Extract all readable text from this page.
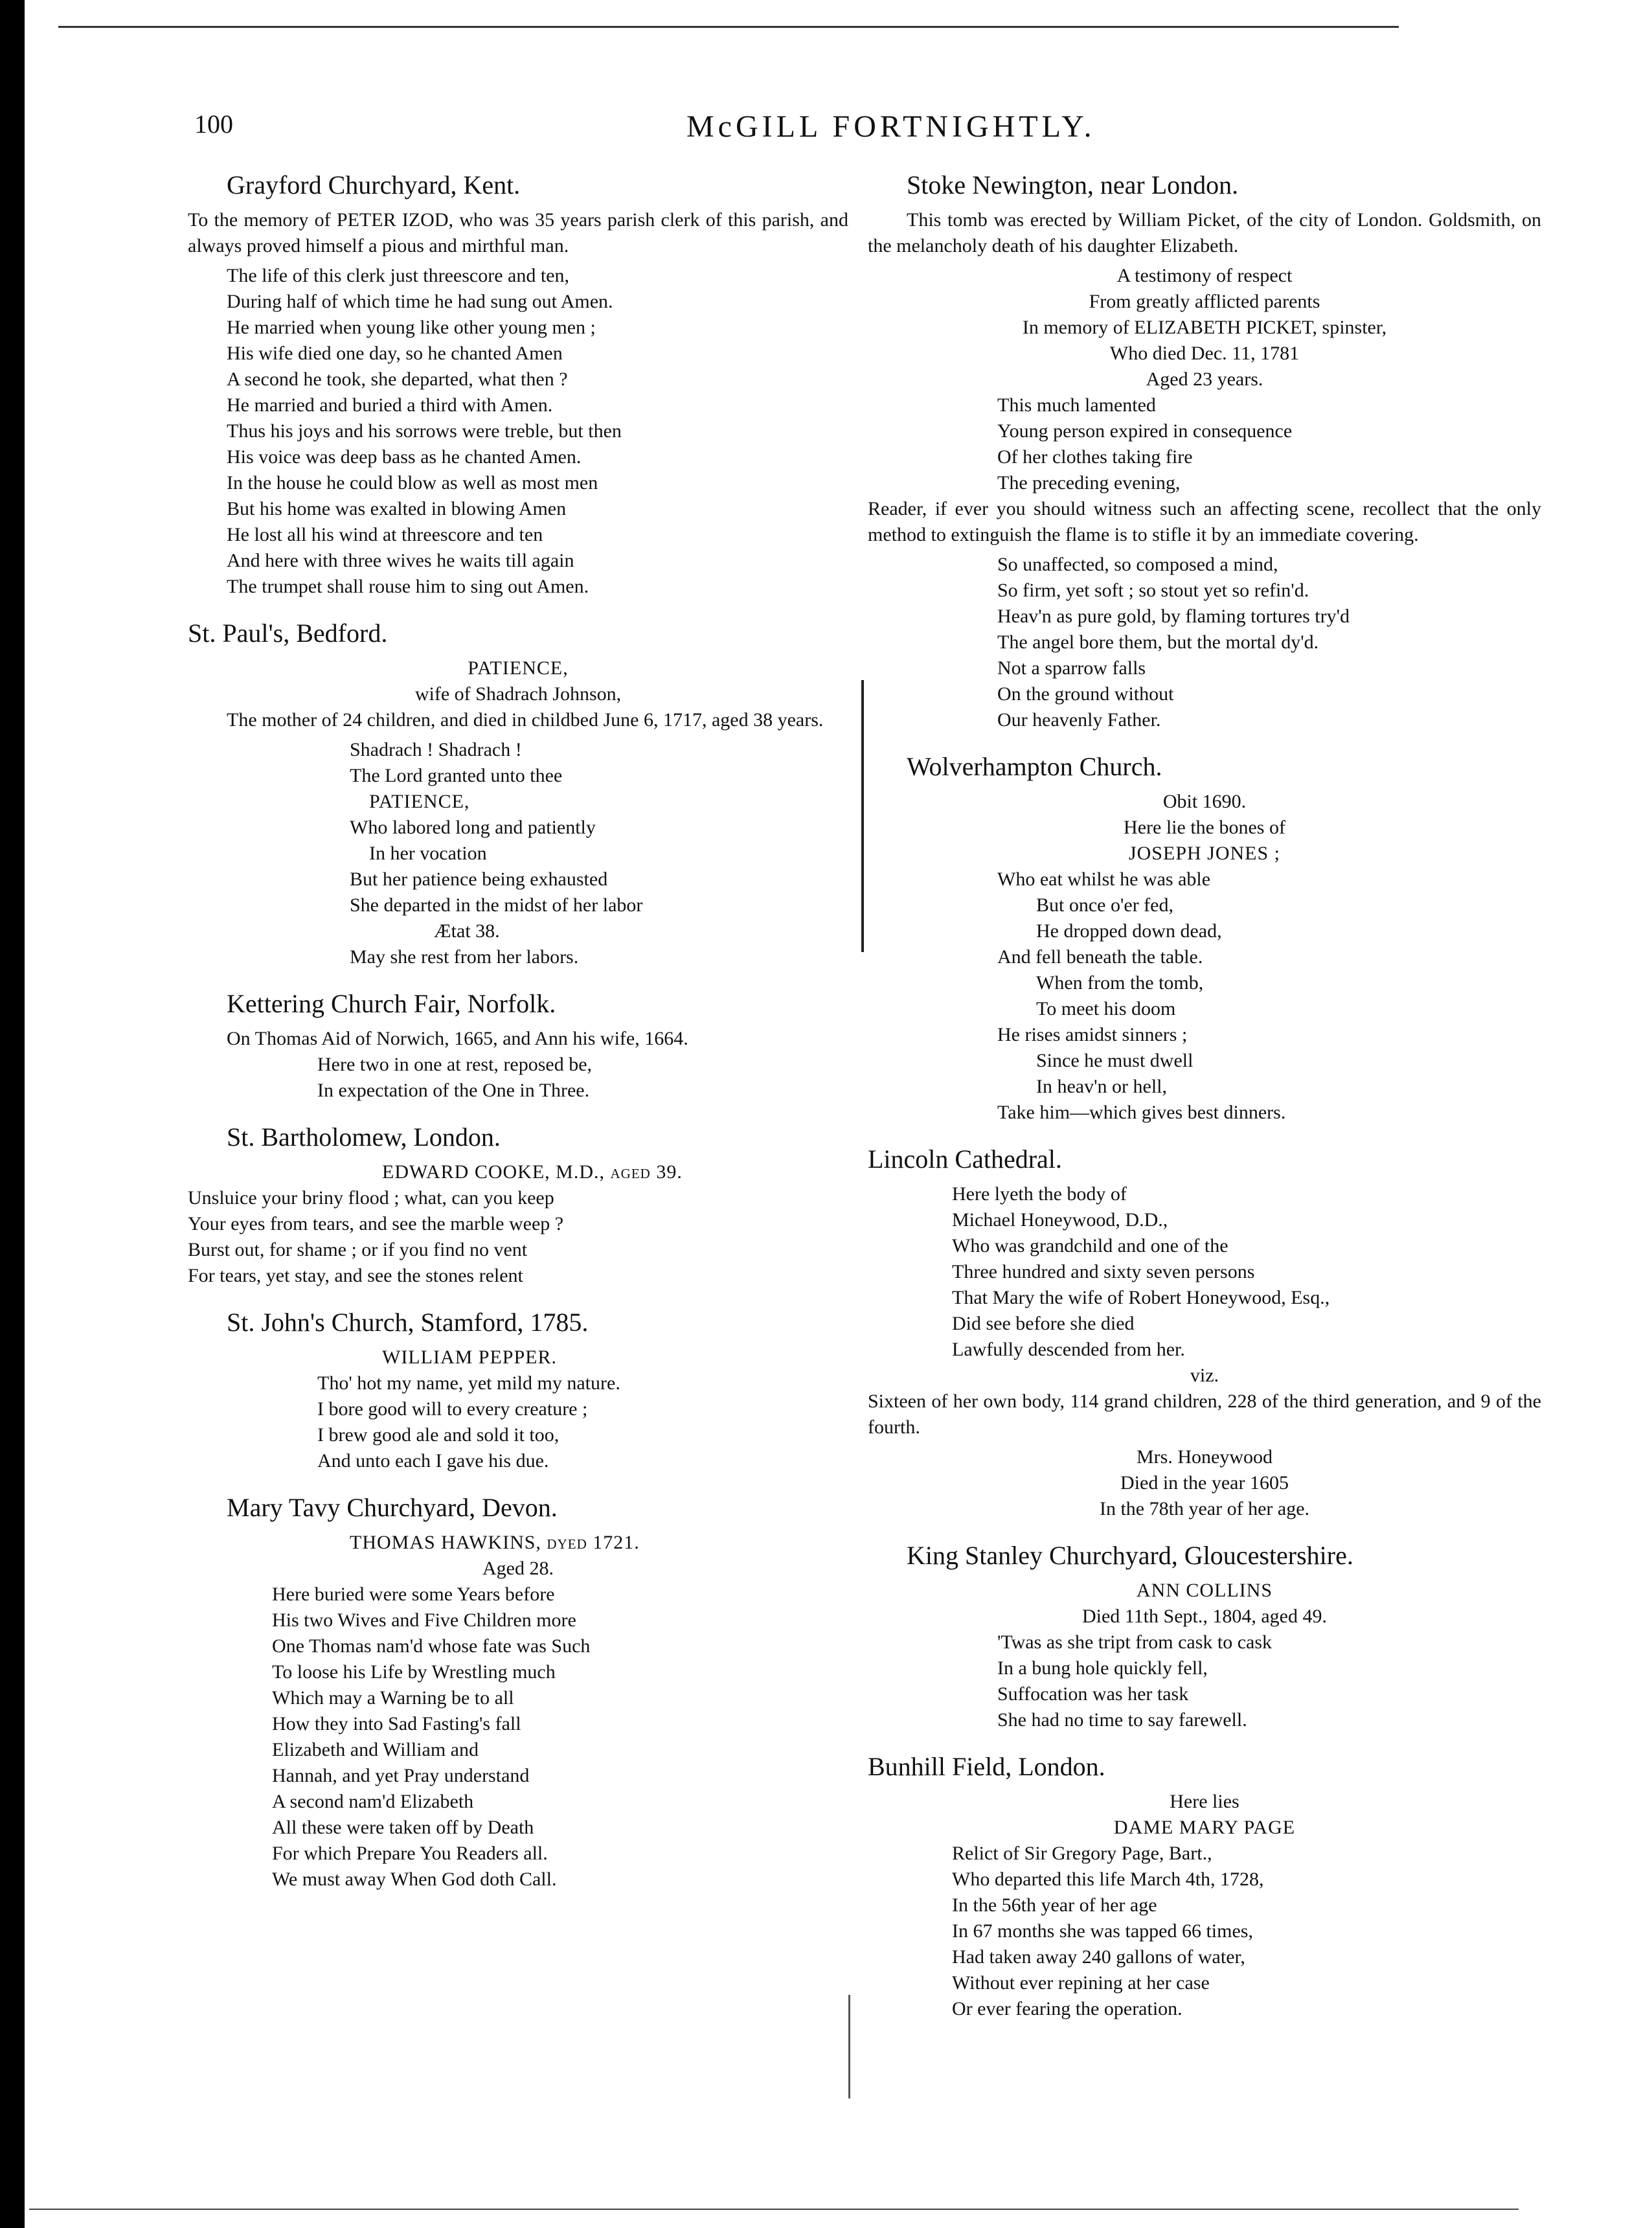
100	McGILL FORTNIGHTLY.
Grayford Churchyard, Kent.

To the memory of PETER IZOD, who was 35 years parish clerk of this parish, and always proved himself a pious and mirthful man.

The life of this clerk just threescore and ten,
During half of which time he had sung out Amen.
He married when young like other young men ;
His wife died one day, so he chanted Amen
A second he took, she departed, what then ?
He married and buried a third with Amen.
Thus his joys and his sorrows were treble, but then
His voice was deep bass as he chanted Amen.
In the house he could blow as well as most men
But his home was exalted in blowing Amen
He lost all his wind at threescore and ten
And here with three wives he waits till again
The trumpet shall rouse him to sing out Amen.
St. Paul's, Bedford.
PATIENCE,
wife of Shadrach Johnson,

The mother of 24 children, and died in childbed June 6, 1717, aged 38 years.

Shadrach ! Shadrach !
The Lord granted unto thee
PATIENCE,
Who labored long and patiently
In her vocation
But her patience being exhausted
She departed in the midst of her labor
Ætat 38.
May she rest from her labors.
Kettering Church Fair, Norfolk.
On Thomas Aid of Norwich, 1665, and Ann his wife, 1664.
Here two in one at rest, reposed be,
In expectation of the One in Three.
St. Bartholomew, London.
EDWARD COOKE, M.D., aged 39.
Unsluice your briny flood ; what, can you keep
Your eyes from tears, and see the marble weep ?
Burst out, for shame ; or if you find no vent
For tears, yet stay, and see the stones relent
St. John's Church, Stamford, 1785.
WILLIAM PEPPER.
Tho' hot my name, yet mild my nature.
I bore good will to every creature ;
I brew good ale and sold it too,
And unto each I gave his due.
Mary Tavy Churchyard, Devon.
THOMAS HAWKINS, dyed 1721.
Aged 28.
Here buried were some Years before
His two Wives and Five Children more
One Thomas nam'd whose fate was Such
To loose his Life by Wrestling much
Which may a Warning be to all
How they into Sad Fasting's fall
Elizabeth and William and
Hannah, and yet Pray understand
A second nam'd Elizabeth
All these were taken off by Death
For which Prepare You Readers all.
We must away When God doth Call.
Stoke Newington, near London.

This tomb was erected by William Picket, of the city of London. Goldsmith, on the melancholy death of his daughter Elizabeth.

A testimony of respect
From greatly afflicted parents
In memory of ELIZABETH PICKET, spinster,
Who died Dec. 11, 1781
Aged 23 years.
This much lamented
Young person expired in consequence
Of her clothes taking fire
The preceding evening,

Reader, if ever you should witness such an affecting scene, recollect that the only method to extinguish the flame is to stifle it by an immediate covering.

So unaffected, so composed a mind,
So firm, yet soft ; so stout yet so refin'd.
Heav'n as pure gold, by flaming tortures try'd
The angel bore them, but the mortal dy'd.
Not a sparrow falls
On the ground without
Our heavenly Father.
Wolverhampton Church.
Obit 1690.
Here lie the bones of
JOSEPH JONES ;
Who eat whilst he was able
But once o'er fed,
He dropped down dead,
And fell beneath the table.
When from the tomb,
To meet his doom
He rises amidst sinners ;
Since he must dwell
In heav'n or hell,
Take him—which gives best dinners.
Lincoln Cathedral.
Here lyeth the body of
Michael Honeywood, D.D.,
Who was grandchild and one of the
Three hundred and sixty seven persons
That Mary the wife of Robert Honeywood, Esq.,
Did see before she died
Lawfully descended from her.
viz.

Sixteen of her own body, 114 grand children, 228 of the third generation, and 9 of the fourth.

Mrs. Honeywood
Died in the year 1605
In the 78th year of her age.
King Stanley Churchyard, Gloucestershire.
ANN COLLINS
Died 11th Sept., 1804, aged 49.
'Twas as she tript from cask to cask
In a bung hole quickly fell,
Suffocation was her task
She had no time to say farewell.
Bunhill Field, London.
Here lies
DAME MARY PAGE
Relict of Sir Gregory Page, Bart.,
Who departed this life March 4th, 1728,
In the 56th year of her age
In 67 months she was tapped 66 times,
Had taken away 240 gallons of water,
Without ever repining at her case
Or ever fearing the operation.
